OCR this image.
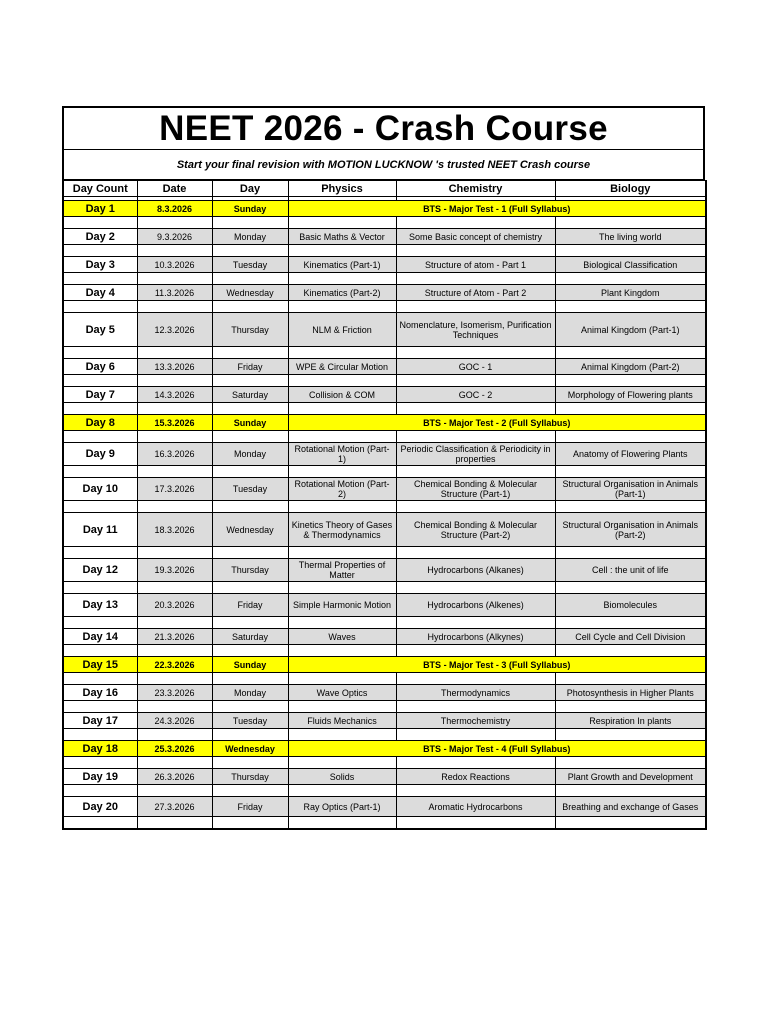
NEET 2026 - Crash Course
Start your final revision with MOTION LUCKNOW 's trusted NEET Crash course
Day Count	Date	Day	Physics	Chemistry	Biology

Day 1	8.3.2026	Sunday	BTS - Major Test - 1 (Full Syllabus)		

Day 2	9.3.2026	Monday	Basic Maths & Vector	Some Basic concept of chemistry	The living world

Day 3	10.3.2026	Tuesday	Kinematics (Part-1)	Structure of atom - Part 1	Biological Classification

Day 4	11.3.2026	Wednesday	Kinematics (Part-2)	Structure of Atom - Part 2	Plant Kingdom

Day 5	12.3.2026	Thursday	NLM & Friction	Nomenclature, Isomerism, Purification Techniques	Animal Kingdom (Part-1)

Day 6	13.3.2026	Friday	WPE & Circular Motion	GOC - 1	Animal Kingdom (Part-2)

Day 7	14.3.2026	Saturday	Collision & COM	GOC - 2	Morphology of Flowering plants

Day 8	15.3.2026	Sunday	BTS - Major Test - 2 (Full Syllabus)		

Day 9	16.3.2026	Monday	Rotational Motion (Part-1)	Periodic Classification & Periodicity in properties	Anatomy of Flowering Plants

Day 10	17.3.2026	Tuesday	Rotational Motion (Part-2)	Chemical Bonding & Molecular Structure (Part-1)	Structural Organisation in Animals (Part-1)

Day 11	18.3.2026	Wednesday	Kinetics Theory of Gases & Thermodynamics	Chemical Bonding & Molecular Structure (Part-2)	Structural Organisation in Animals (Part-2)

Day 12	19.3.2026	Thursday	Thermal Properties of Matter	Hydrocarbons (Alkanes)	Cell : the unit of life

Day 13	20.3.2026	Friday	Simple Harmonic Motion	Hydrocarbons (Alkenes)	Biomolecules

Day 14	21.3.2026	Saturday	Waves	Hydrocarbons (Alkynes)	Cell Cycle and Cell Division

Day 15	22.3.2026	Sunday	BTS - Major Test - 3 (Full Syllabus)		

Day 16	23.3.2026	Monday	Wave Optics	Thermodynamics	Photosynthesis in Higher Plants

Day 17	24.3.2026	Tuesday	Fluids Mechanics	Thermochemistry	Respiration In plants

Day 18	25.3.2026	Wednesday	BTS - Major Test - 4 (Full Syllabus)		

Day 19	26.3.2026	Thursday	Solids	Redox Reactions	Plant Growth and Development

Day 20	27.3.2026	Friday	Ray Optics (Part-1)	Aromatic Hydrocarbons	Breathing and exchange of Gases
